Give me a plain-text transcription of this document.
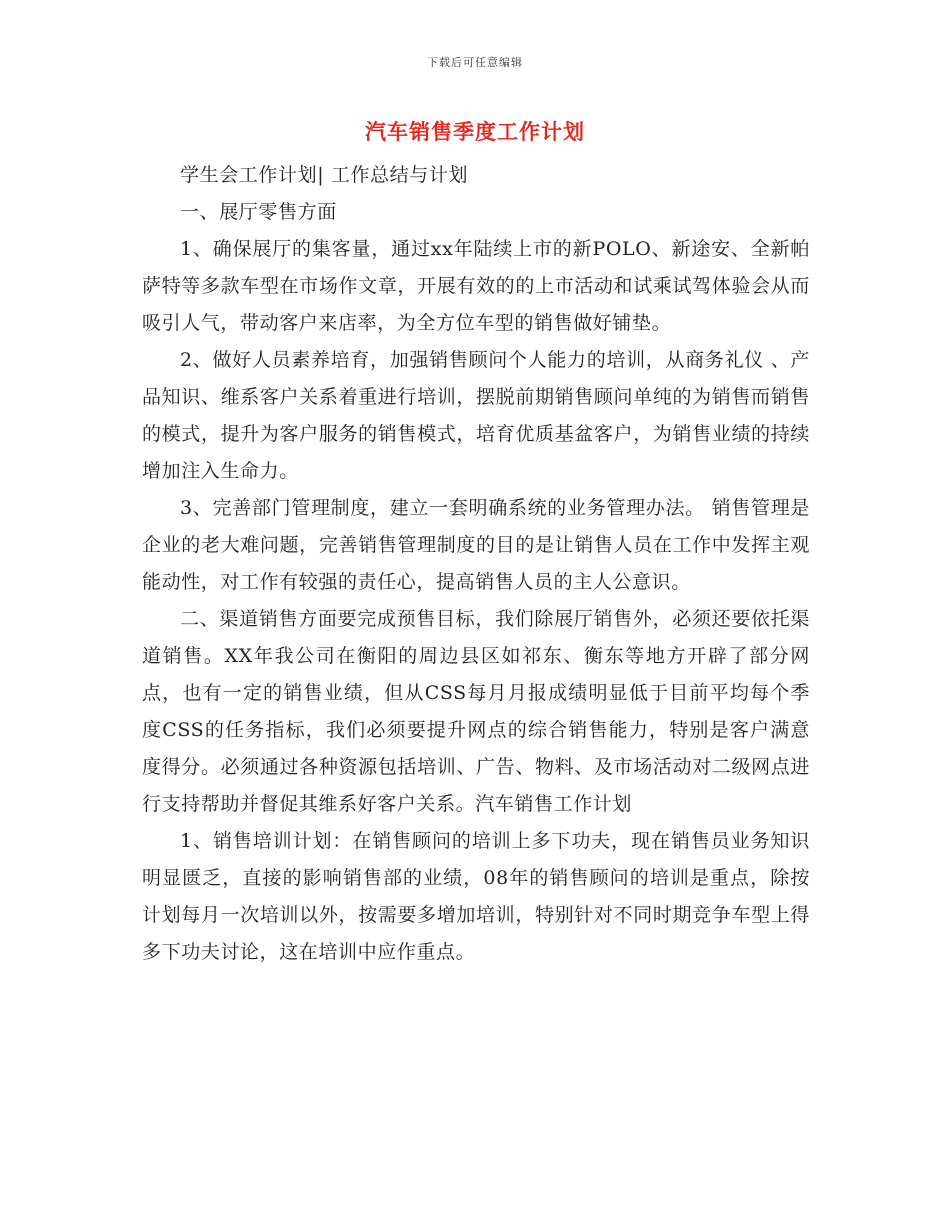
下载后可任意编辑
汽车销售季度工作计划

学生会工作计划| 工作总结与计划

一、展厅零售方面

1、确保展厅的集客量，通过xx年陆续上市的新POLO、新途安、全新帕萨特等多款车型在市场作文章，开展有效的的上市活动和试乘试驾体验会从而吸引人气，带动客户来店率，为全方位车型的销售做好铺垫。

2、做好人员素养培育，加强销售顾问个人能力的培训，从商务礼仪 、产品知识、维系客户关系着重进行培训，摆脱前期销售顾问单纯的为销售而销售的模式，提升为客户服务的销售模式，培育优质基盆客户，为销售业绩的持续增加注入生命力。

3、完善部门管理制度，建立一套明确系统的业务管理办法。 销售管理是企业的老大难问题，完善销售管理制度的目的是让销售人员在工作中发挥主观能动性，对工作有较强的责任心，提高销售人员的主人公意识。

二、渠道销售方面要完成预售目标，我们除展厅销售外，必须还要依托渠道销售。XX年我公司在衡阳的周边县区如祁东、衡东等地方开辟了部分网点，也有一定的销售业绩，但从CSS每月月报成绩明显低于目前平均每个季度CSS的任务指标，我们必须要提升网点的综合销售能力，特别是客户满意度得分。必须通过各种资源包括培训、广告、物料、及市场活动对二级网点进行支持帮助并督促其维系好客户关系。汽车销售工作计划

1、销售培训计划：在销售顾问的培训上多下功夫，现在销售员业务知识明显匮乏，直接的影响销售部的业绩，08年的销售顾问的培训是重点，除按计划每月一次培训以外，按需要多增加培训，特别针对不同时期竞争车型上得多下功夫讨论，这在培训中应作重点。
